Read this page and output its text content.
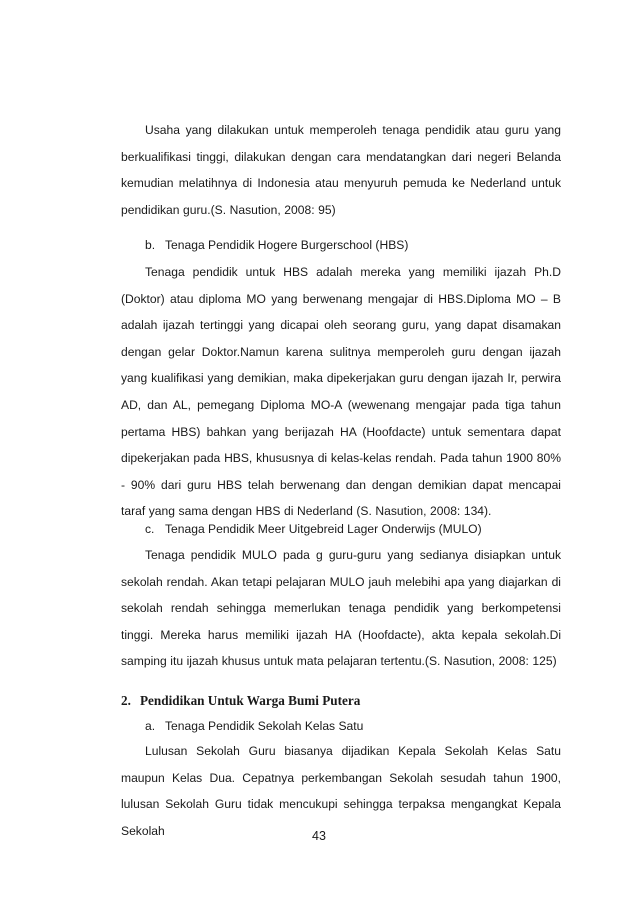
Usaha yang dilakukan untuk memperoleh tenaga pendidik atau guru yang berkualifikasi tinggi, dilakukan dengan cara mendatangkan dari negeri Belanda kemudian melatihnya di Indonesia atau menyuruh pemuda ke Nederland untuk pendidikan guru.(S. Nasution, 2008: 95)

b. Tenaga Pendidik Hogere Burgerschool (HBS)

Tenaga pendidik untuk HBS adalah mereka yang memiliki ijazah Ph.D (Doktor) atau diploma MO yang berwenang mengajar di HBS.Diploma MO – B adalah ijazah tertinggi yang dicapai oleh seorang guru, yang dapat disamakan dengan gelar Doktor.Namun karena sulitnya memperoleh guru dengan ijazah yang kualifikasi yang demikian, maka dipekerjakan guru dengan ijazah Ir, perwira AD, dan AL, pemegang Diploma MO-A (wewenang mengajar pada tiga tahun pertama HBS) bahkan yang berijazah HA (Hoofdacte) untuk sementara dapat dipekerjakan pada HBS, khususnya di kelas-kelas rendah. Pada tahun 1900 80% - 90% dari guru HBS telah berwenang dan dengan demikian dapat mencapai taraf yang sama dengan HBS di Nederland (S. Nasution, 2008: 134).

c. Tenaga Pendidik Meer Uitgebreid Lager Onderwijs (MULO)

Tenaga pendidik MULO pada g guru-guru yang sedianya disiapkan untuk sekolah rendah. Akan tetapi pelajaran MULO jauh melebihi apa yang diajarkan di sekolah rendah sehingga memerlukan tenaga pendidik yang berkompetensi tinggi. Mereka harus memiliki ijazah HA (Hoofdacte), akta kepala sekolah.Di samping itu ijazah khusus untuk mata pelajaran tertentu.(S. Nasution, 2008: 125)

2. Pendidikan Untuk Warga Bumi Putera

a. Tenaga Pendidik Sekolah Kelas Satu

Lulusan Sekolah Guru biasanya dijadikan Kepala Sekolah Kelas Satu maupun Kelas Dua. Cepatnya perkembangan Sekolah sesudah tahun 1900, lulusan Sekolah Guru tidak mencukupi sehingga terpaksa mengangkat Kepala Sekolah	43
